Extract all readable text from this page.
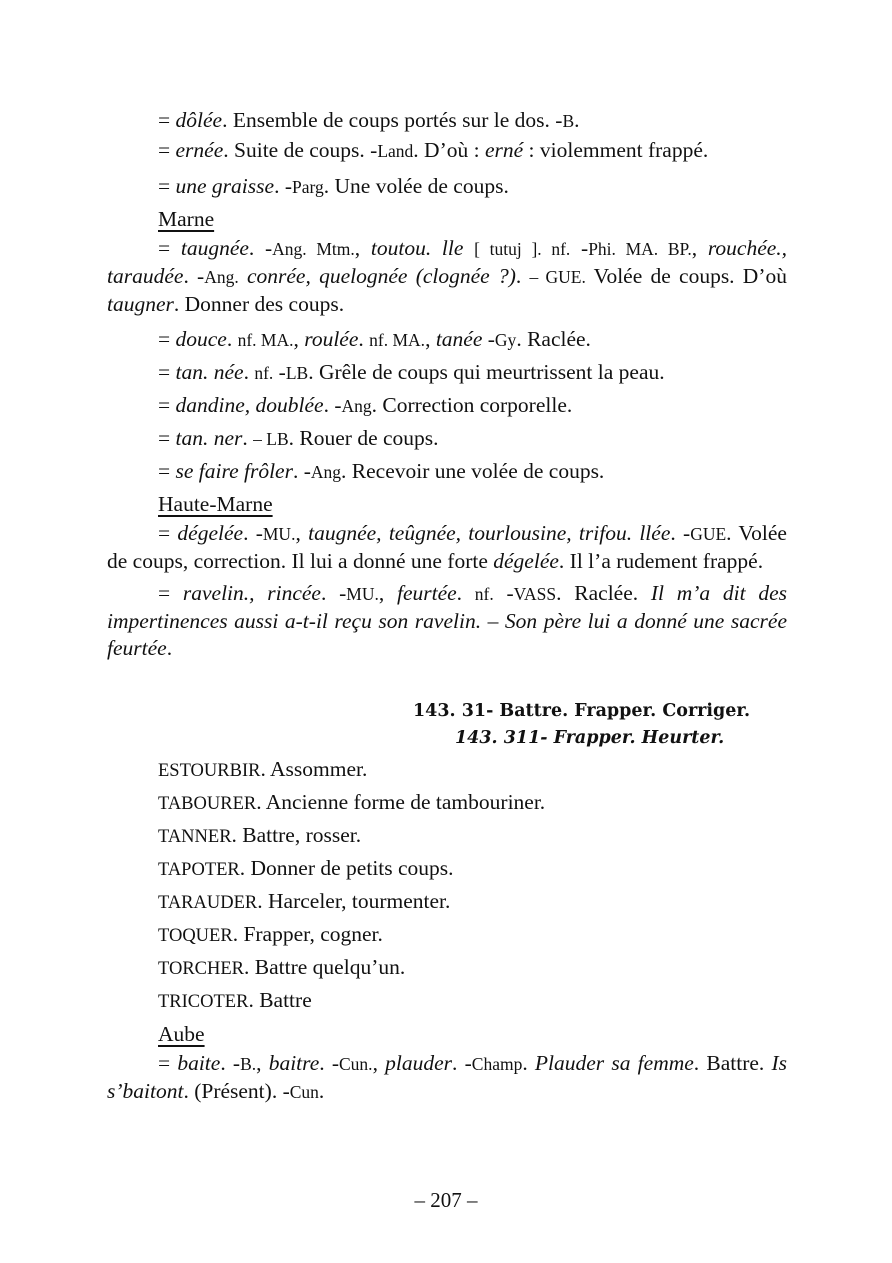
= dôlée. Ensemble de coups portés sur le dos. -B.

= ernée. Suite de coups. -Land. D’où : erné : violemment frappé.

= une graisse. -Parg. Une volée de coups.

Marne

= taugnée. -Ang. Mtm., toutou. lle [ tutuj ]. nf. -Phi. MA. BP., rouchée., taraudée. -Ang. conrée, quelognée (clognée ?). – GUE. Volée de coups. D’où taugner. Donner des coups.

= douce. nf. MA., roulée. nf. MA., tanée -Gy. Raclée.

= tan. née. nf. -LB. Grêle de coups qui meurtrissent la peau.

= dandine, doublée. -Ang. Correction corporelle.

= tan. ner. – LB. Rouer de coups.

= se faire frôler. -Ang. Recevoir une volée de coups.

Haute-Marne

= dégelée. -MU., taugnée, teûgnée, tourlousine, trifou. llée. -GUE. Volée de coups, correction. Il lui a donné une forte dégelée. Il l’a rudement frappé.

= ravelin., rincée. -MU., feurtée. nf. -VASS. Raclée. Il m’a dit des impertinences aussi a-t-il reçu son ravelin. – Son père lui a donné une sacrée feurtée.

143. 31- Battre. Frapper. Corriger.

143. 311- Frapper. Heurter.

ESTOURBIR. Assommer.

TABOURER. Ancienne forme de tambouriner.

TANNER. Battre, rosser.

TAPOTER. Donner de petits coups.

TARAUDER. Harceler, tourmenter.

TOQUER. Frapper, cogner.

TORCHER. Battre quelqu’un.

TRICOTER. Battre

Aube

= baite. -B., baitre. -Cun., plauder. -Champ. Plauder sa femme. Battre. Is s’baitont. (Présent). -Cun.

– 207 –
